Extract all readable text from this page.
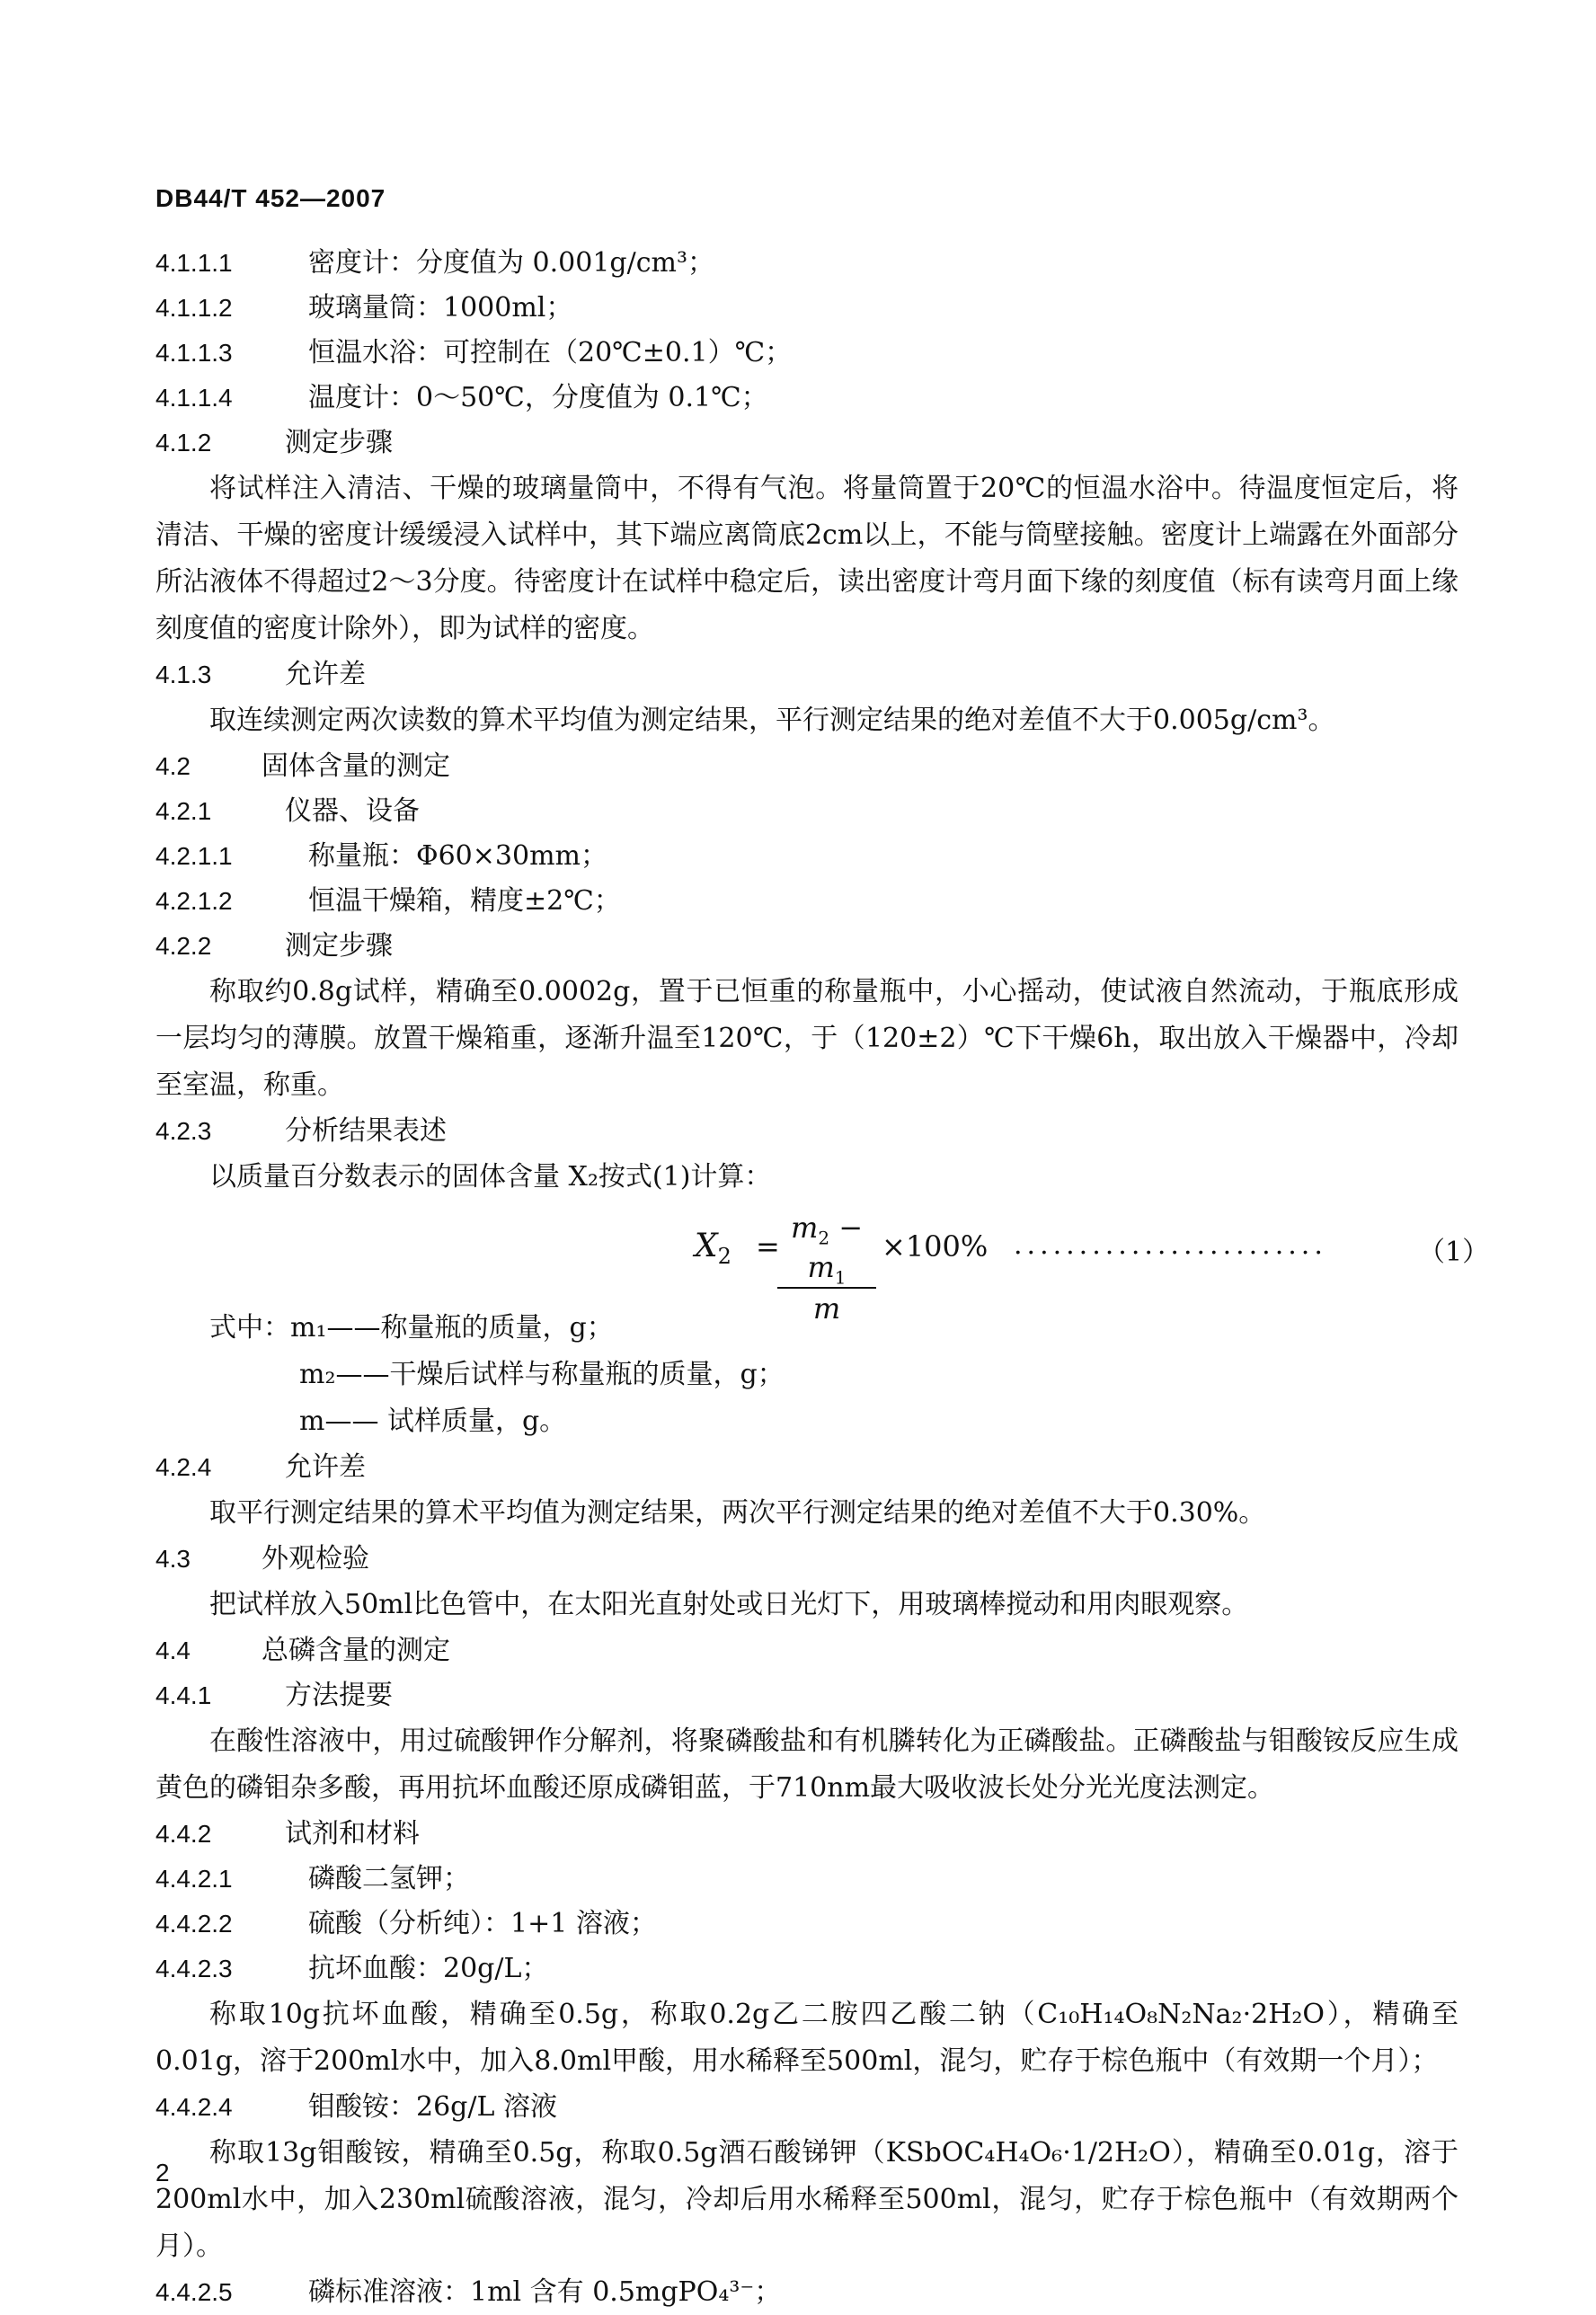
DB44/T 452—2007
4.1.1.1	密度计：分度值为 0.001g/cm³；
4.1.1.2	玻璃量筒：1000ml；
4.1.1.3	恒温水浴：可控制在（20℃±0.1）℃；
4.1.1.4	温度计：0～50℃，分度值为 0.1℃；
4.1.2	测定步骤
将试样注入清洁、干燥的玻璃量筒中，不得有气泡。将量筒置于20℃的恒温水浴中。待温度恒定后，将清洁、干燥的密度计缓缓浸入试样中，其下端应离筒底2cm以上，不能与筒壁接触。密度计上端露在外面部分所沾液体不得超过2～3分度。待密度计在试样中稳定后，读出密度计弯月面下缘的刻度值（标有读弯月面上缘刻度值的密度计除外），即为试样的密度。
4.1.3	允许差
取连续测定两次读数的算术平均值为测定结果，平行测定结果的绝对差值不大于0.005g/cm³。
4.2	固体含量的测定
4.2.1	仪器、设备
4.2.1.1	称量瓶：Φ60×30mm；
4.2.1.2	恒温干燥箱，精度±2℃；
4.2.2	测定步骤
称取约0.8g试样，精确至0.0002g，置于已恒重的称量瓶中，小心摇动，使试液自然流动，于瓶底形成一层均匀的薄膜。放置干燥箱重，逐渐升温至120℃，于（120±2）℃下干燥6h，取出放入干燥器中，冷却至室温，称重。
4.2.3	分析结果表述
以质量百分数表示的固体含量 X₂按式(1)计算：
$X_2$ =
$\frac{m_2 - m_1}{m} \times 100\%$ ........................	（1）
式中：m₁——称量瓶的质量，g；
m₂——干燥后试样与称量瓶的质量，g；
m—— 试样质量，g。
4.2.4	允许差
取平行测定结果的算术平均值为测定结果，两次平行测定结果的绝对差值不大于0.30%。
4.3	外观检验
把试样放入50ml比色管中，在太阳光直射处或日光灯下，用玻璃棒搅动和用肉眼观察。
4.4	总磷含量的测定
4.4.1	方法提要
在酸性溶液中，用过硫酸钾作分解剂，将聚磷酸盐和有机膦转化为正磷酸盐。正磷酸盐与钼酸铵反应生成黄色的磷钼杂多酸，再用抗坏血酸还原成磷钼蓝，于710nm最大吸收波长处分光光度法测定。
4.4.2	试剂和材料
4.4.2.1	磷酸二氢钾；
4.4.2.2	硫酸（分析纯）：1+1 溶液；
4.4.2.3	抗坏血酸：20g/L；
称取10g抗坏血酸，精确至0.5g，称取0.2g乙二胺四乙酸二钠（C₁₀H₁₄O₈N₂Na₂·2H₂O），精确至0.01g，溶于200ml水中，加入8.0ml甲酸，用水稀释至500ml，混匀，贮存于棕色瓶中（有效期一个月）；
4.4.2.4	钼酸铵：26g/L 溶液
称取13g钼酸铵，精确至0.5g，称取0.5g酒石酸锑钾（KSbOC₄H₄O₆·1/2H₂O），精确至0.01g，溶于200ml水中，加入230ml硫酸溶液，混匀，冷却后用水稀释至500ml，混匀，贮存于棕色瓶中（有效期两个月）。
4.4.2.5	磷标准溶液：1ml 含有 0.5mgPO₄³⁻；
2
